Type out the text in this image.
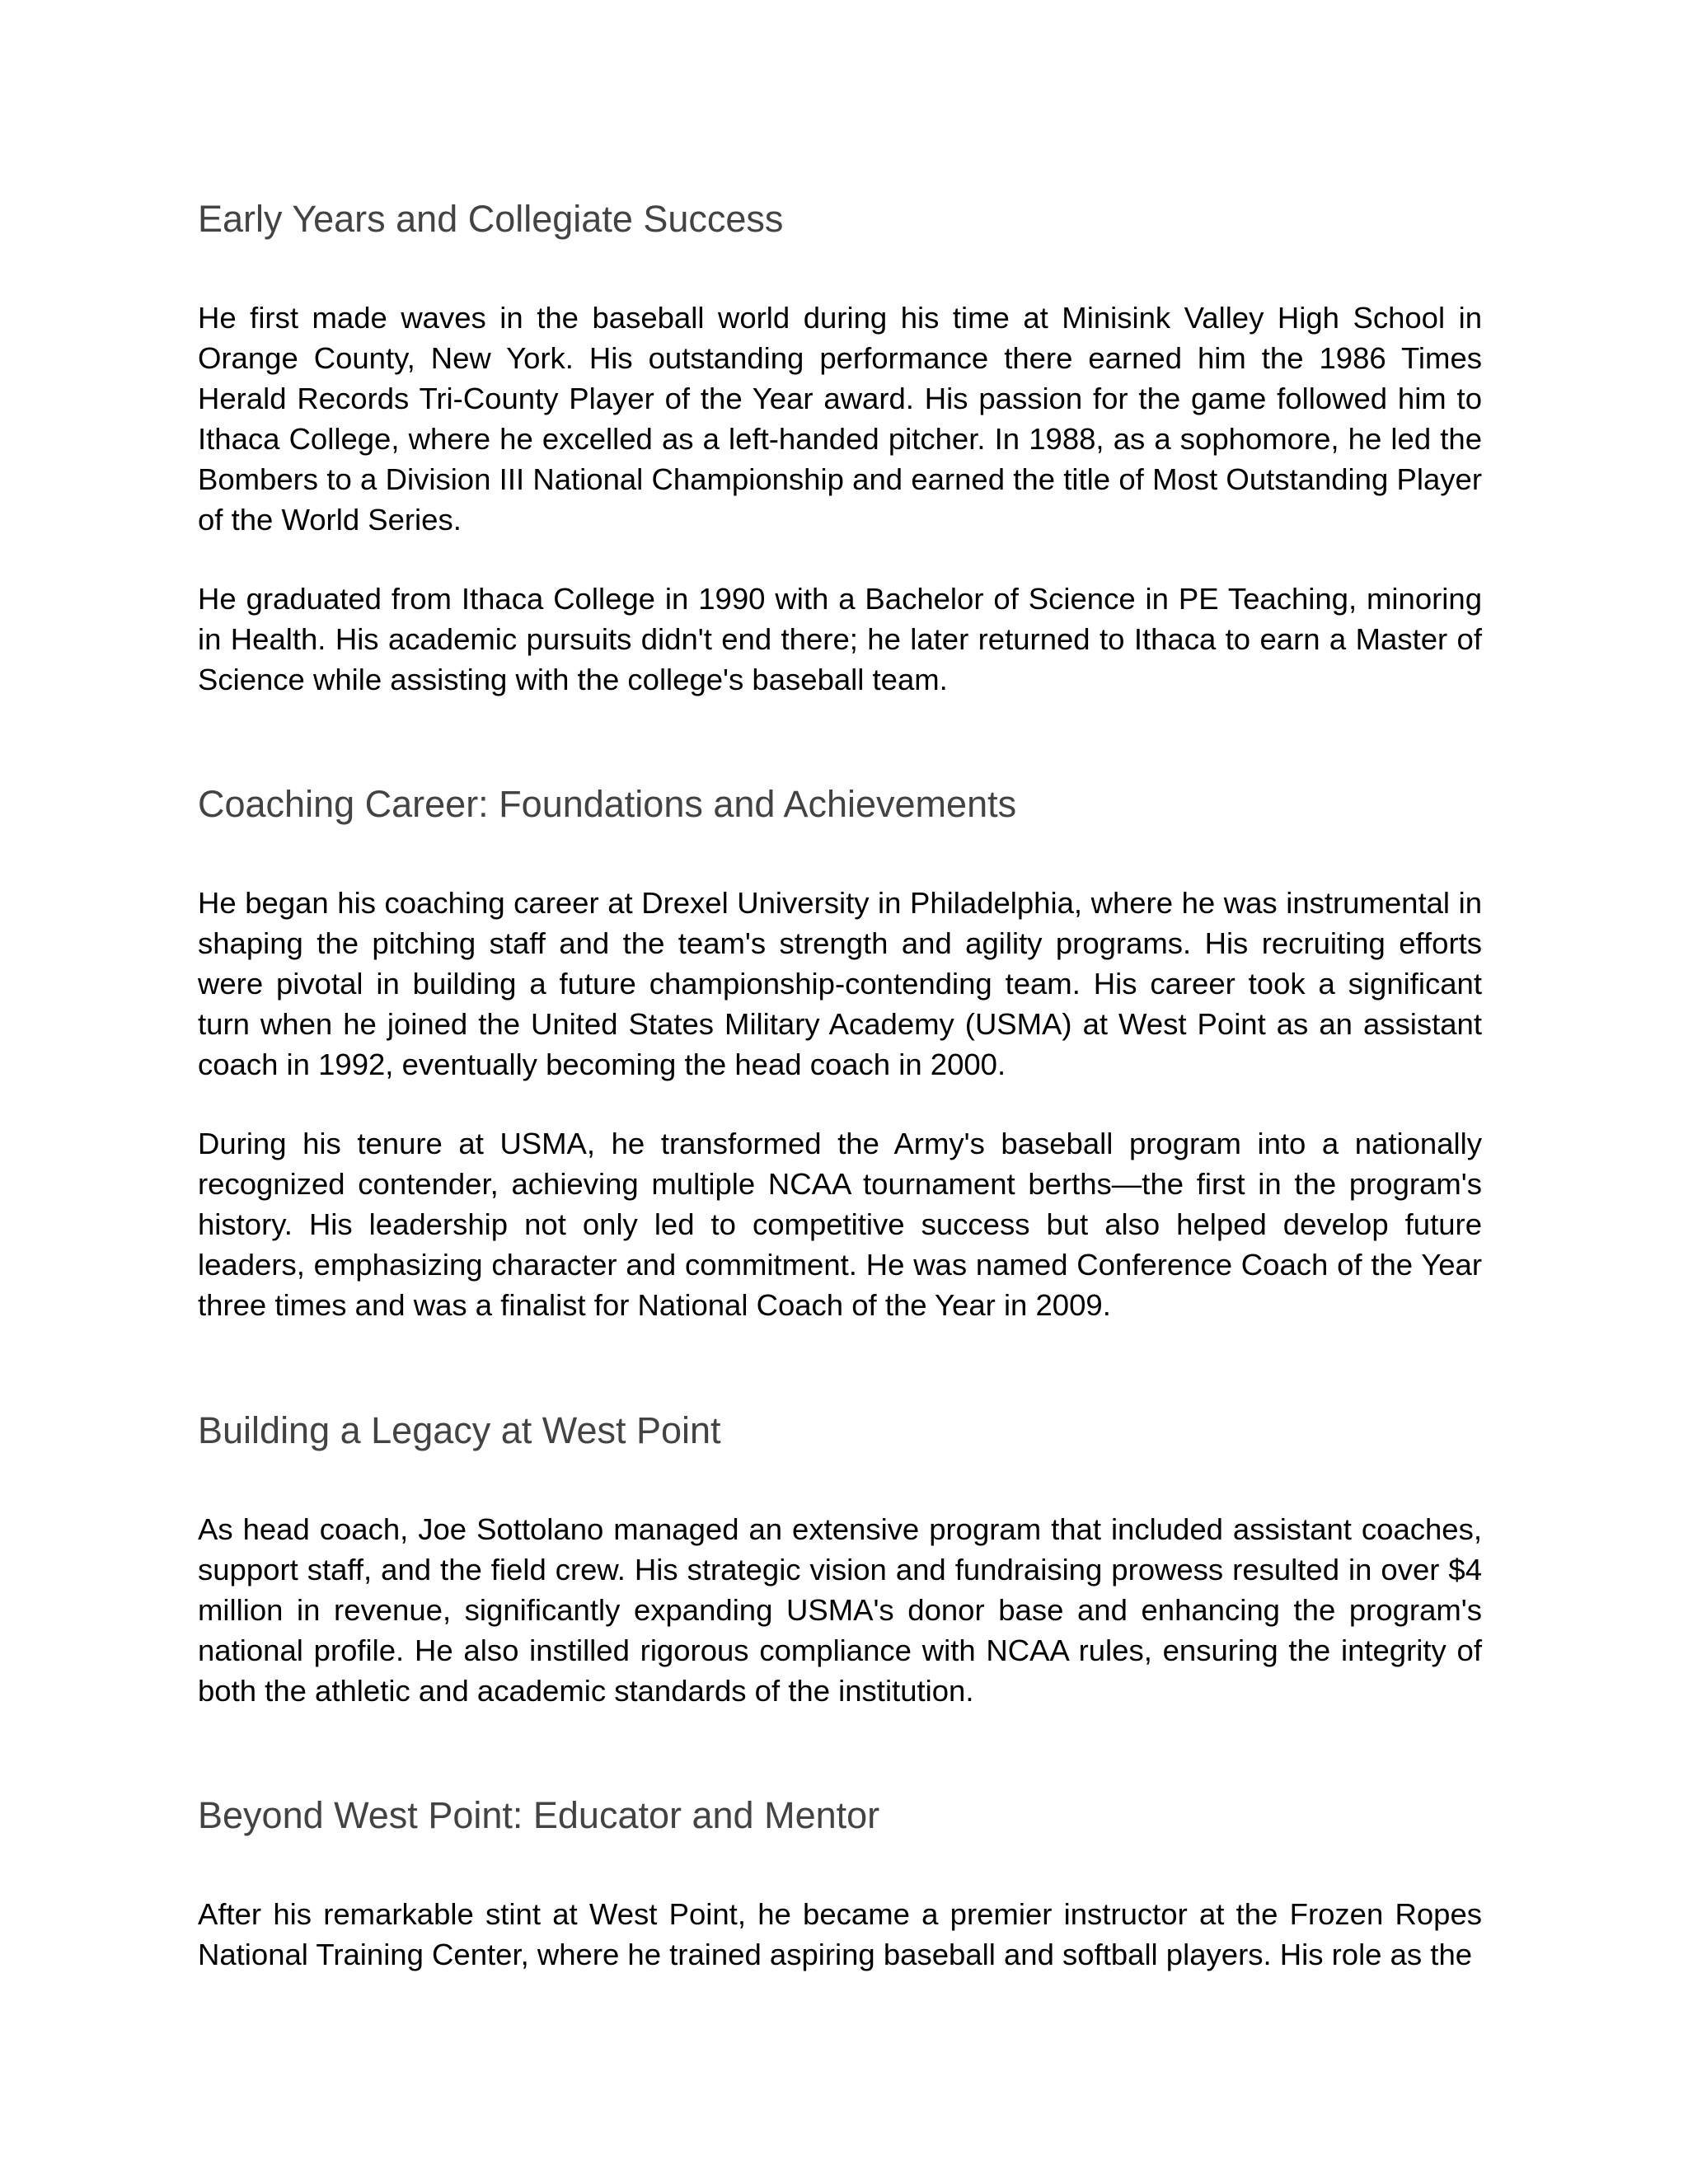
Early Years and Collegiate Success

He first made waves in the baseball world during his time at Minisink Valley High School in Orange County, New York. His outstanding performance there earned him the 1986 Times Herald Records Tri-County Player of the Year award. His passion for the game followed him to Ithaca College, where he excelled as a left-handed pitcher. In 1988, as a sophomore, he led the Bombers to a Division III National Championship and earned the title of Most Outstanding Player of the World Series.

He graduated from Ithaca College in 1990 with a Bachelor of Science in PE Teaching, minoring in Health. His academic pursuits didn't end there; he later returned to Ithaca to earn a Master of Science while assisting with the college's baseball team.

Coaching Career: Foundations and Achievements

He began his coaching career at Drexel University in Philadelphia, where he was instrumental in shaping the pitching staff and the team's strength and agility programs. His recruiting efforts were pivotal in building a future championship-contending team. His career took a significant turn when he joined the United States Military Academy (USMA) at West Point as an assistant coach in 1992, eventually becoming the head coach in 2000.

During his tenure at USMA, he transformed the Army's baseball program into a nationally recognized contender, achieving multiple NCAA tournament berths—the first in the program's history. His leadership not only led to competitive success but also helped develop future leaders, emphasizing character and commitment. He was named Conference Coach of the Year three times and was a finalist for National Coach of the Year in 2009.

Building a Legacy at West Point

As head coach, Joe Sottolano managed an extensive program that included assistant coaches, support staff, and the field crew. His strategic vision and fundraising prowess resulted in over $4 million in revenue, significantly expanding USMA's donor base and enhancing the program's national profile. He also instilled rigorous compliance with NCAA rules, ensuring the integrity of both the athletic and academic standards of the institution.

Beyond West Point: Educator and Mentor

After his remarkable stint at West Point, he became a premier instructor at the Frozen Ropes National Training Center, where he trained aspiring baseball and softball players. His role as the
